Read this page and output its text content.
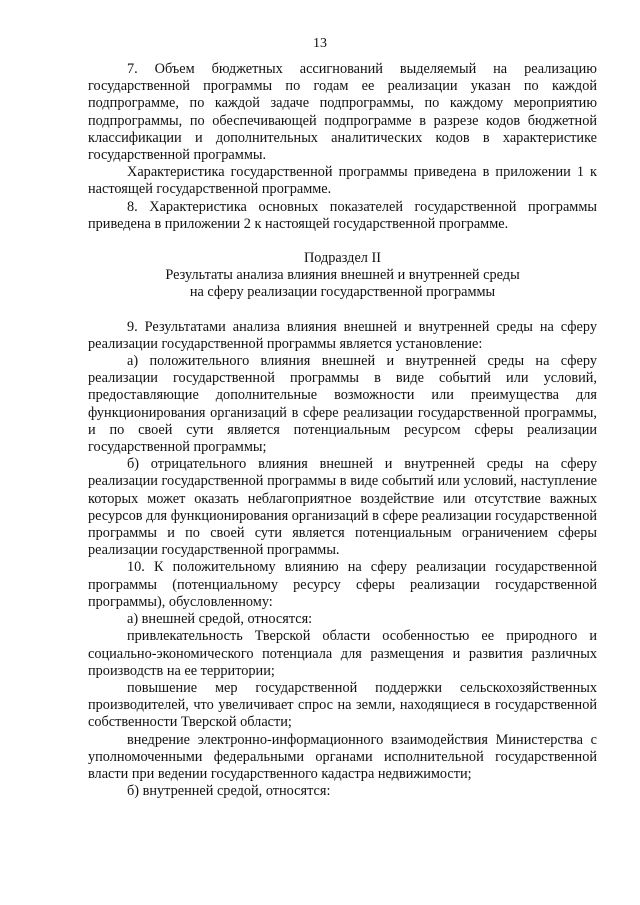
13

7. Объем бюджетных ассигнований выделяемый на реализацию государственной программы по годам ее реализации указан по каждой подпрограмме, по каждой задаче подпрограммы, по каждому мероприятию подпрограммы, по обеспечивающей подпрограмме в разрезе кодов бюджетной классификации и дополнительных аналитических кодов в характеристике государственной программы.

Характеристика государственной программы приведена в приложении 1 к настоящей государственной программе.

8. Характеристика основных показателей государственной программы приведена в приложении 2 к настоящей государственной программе.

Подраздел II

Результаты анализа влияния внешней и внутренней среды

на сферу реализации государственной программы

9. Результатами анализа влияния внешней и внутренней среды на сферу реализации государственной программы является установление:

а) положительного влияния внешней и внутренней среды на сферу реализации государственной программы в виде событий или условий, предоставляющие дополнительные возможности или преимущества для функционирования организаций в сфере реализации государственной программы, и по своей сути является потенциальным ресурсом сферы реализации государственной программы;

б) отрицательного влияния внешней и внутренней среды на сферу реализации государственной программы в виде событий или условий, наступление которых может оказать неблагоприятное воздействие или отсутствие важных ресурсов для функционирования организаций в сфере реализации государственной программы и по своей сути является потенциальным ограничением сферы реализации государственной программы.

10. К положительному влиянию на сферу реализации государственной программы (потенциальному ресурсу сферы реализации государственной программы), обусловленному:

а) внешней средой, относятся:

привлекательность Тверской области особенностью ее природного и социально-экономического потенциала для размещения и развития различных производств на ее территории;

повышение мер государственной поддержки сельскохозяйственных производителей, что увеличивает спрос на земли, находящиеся в государственной собственности Тверской области;

внедрение электронно-информационного взаимодействия Министерства с уполномоченными федеральными органами исполнительной государственной власти при ведении государственного кадастра недвижимости;

б) внутренней средой, относятся:
